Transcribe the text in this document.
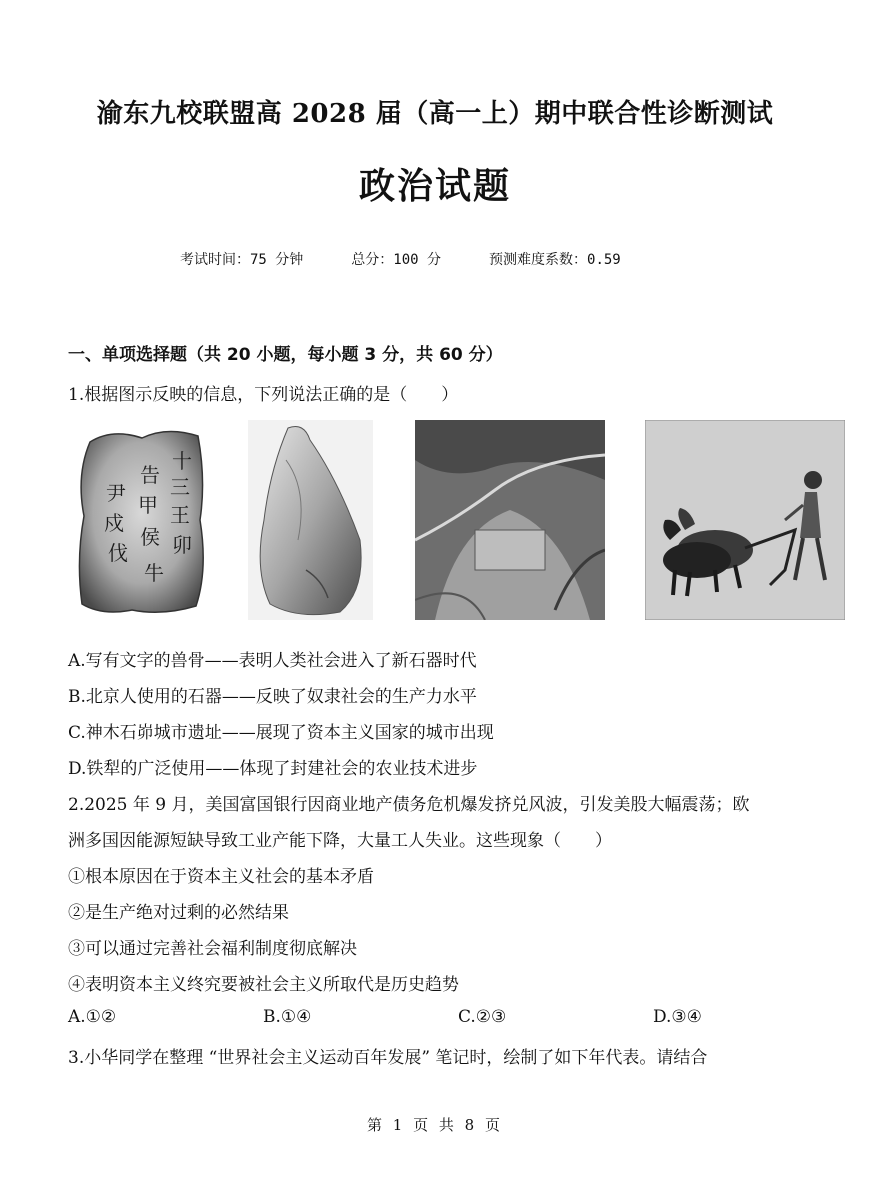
渝东九校联盟高 2028 届（高一上）期中联合性诊断测试
政治试题
考试时间：75 分钟	总分：100 分	预测难度系数：0.59
一、单项选择题（共 20 小题，每小题 3 分，共 60 分）
1.根据图示反映的信息，下列说法正确的是（　　）
十
三
王
卯
告
甲
侯
牛
尹
戍
伐
A.写有文字的兽骨——表明人类社会进入了新石器时代
B.北京人使用的石器——反映了奴隶社会的生产力水平
C.神木石峁城市遗址——展现了资本主义国家的城市出现
D.铁犁的广泛使用——体现了封建社会的农业技术进步
2.2025 年 9 月，美国富国银行因商业地产债务危机爆发挤兑风波，引发美股大幅震荡；欧
洲多国因能源短缺导致工业产能下降，大量工人失业。这些现象（　　）
①根本原因在于资本主义社会的基本矛盾
②是生产绝对过剩的必然结果
③可以通过完善社会福利制度彻底解决
④表明资本主义终究要被社会主义所取代是历史趋势
A.①②	B.①④	C.②③	D.③④
3.小华同学在整理 “世界社会主义运动百年发展” 笔记时，绘制了如下年代表。请结合
第 1 页 共 8 页
